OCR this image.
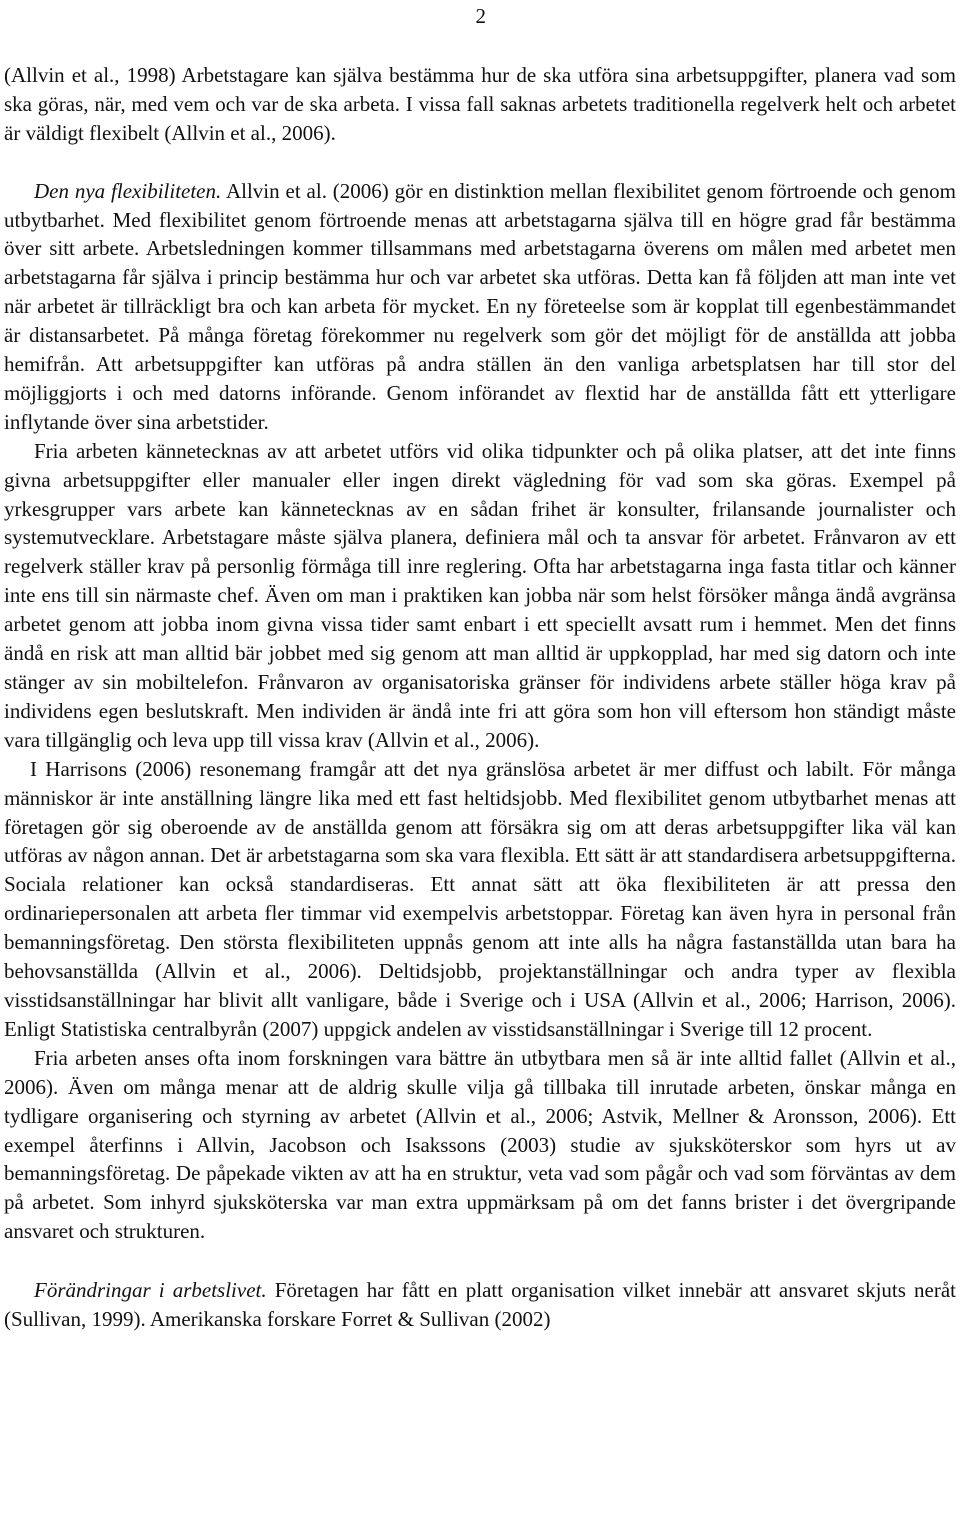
2

(Allvin et al., 1998) Arbetstagare kan själva bestämma hur de ska utföra sina arbetsuppgifter, planera vad som ska göras, när, med vem och var de ska arbeta. I vissa fall saknas arbetets traditionella regelverk helt och arbetet är väldigt flexibelt (Allvin et al., 2006).

Den nya flexibiliteten. Allvin et al. (2006) gör en distinktion mellan flexibilitet genom förtroende och genom utbytbarhet. Med flexibilitet genom förtroende menas att arbetstagarna själva till en högre grad får bestämma över sitt arbete. Arbetsledningen kommer tillsammans med arbetstagarna överens om målen med arbetet men arbetstagarna får själva i princip bestämma hur och var arbetet ska utföras. Detta kan få följden att man inte vet när arbetet är tillräckligt bra och kan arbeta för mycket. En ny företeelse som är kopplat till egenbestämmandet är distansarbetet. På många företag förekommer nu regelverk som gör det möjligt för de anställda att jobba hemifrån. Att arbetsuppgifter kan utföras på andra ställen än den vanliga arbetsplatsen har till stor del möjliggjorts i och med datorns införande. Genom införandet av flextid har de anställda fått ett ytterligare inflytande över sina arbetstider.

Fria arbeten kännetecknas av att arbetet utförs vid olika tidpunkter och på olika platser, att det inte finns givna arbetsuppgifter eller manualer eller ingen direkt vägledning för vad som ska göras. Exempel på yrkesgrupper vars arbete kan kännetecknas av en sådan frihet är konsulter, frilansande journalister och systemutvecklare. Arbetstagare måste själva planera, definiera mål och ta ansvar för arbetet. Frånvaron av ett regelverk ställer krav på personlig förmåga till inre reglering. Ofta har arbetstagarna inga fasta titlar och känner inte ens till sin närmaste chef. Även om man i praktiken kan jobba när som helst försöker många ändå avgränsa arbetet genom att jobba inom givna vissa tider samt enbart i ett speciellt avsatt rum i hemmet. Men det finns ändå en risk att man alltid bär jobbet med sig genom att man alltid är uppkopplad, har med sig datorn och inte stänger av sin mobiltelefon. Frånvaron av organisatoriska gränser för individens arbete ställer höga krav på individens egen beslutskraft. Men individen är ändå inte fri att göra som hon vill eftersom hon ständigt måste vara tillgänglig och leva upp till vissa krav (Allvin et al., 2006).

I Harrisons (2006) resonemang framgår att det nya gränslösa arbetet är mer diffust och labilt. För många människor är inte anställning längre lika med ett fast heltidsjobb. Med flexibilitet genom utbytbarhet menas att företagen gör sig oberoende av de anställda genom att försäkra sig om att deras arbetsuppgifter lika väl kan utföras av någon annan. Det är arbetstagarna som ska vara flexibla. Ett sätt är att standardisera arbetsuppgifterna. Sociala relationer kan också standardiseras. Ett annat sätt att öka flexibiliteten är att pressa den ordinariepersonalen att arbeta fler timmar vid exempelvis arbetstoppar. Företag kan även hyra in personal från bemanningsföretag. Den största flexibiliteten uppnås genom att inte alls ha några fastanställda utan bara ha behovsanställda (Allvin et al., 2006). Deltidsjobb, projektanställningar och andra typer av flexibla visstidsanställningar har blivit allt vanligare, både i Sverige och i USA (Allvin et al., 2006; Harrison, 2006). Enligt Statistiska centralbyrån (2007) uppgick andelen av visstidsanställningar i Sverige till 12 procent.

Fria arbeten anses ofta inom forskningen vara bättre än utbytbara men så är inte alltid fallet (Allvin et al., 2006). Även om många menar att de aldrig skulle vilja gå tillbaka till inrutade arbeten, önskar många en tydligare organisering och styrning av arbetet (Allvin et al., 2006; Astvik, Mellner & Aronsson, 2006). Ett exempel återfinns i Allvin, Jacobson och Isakssons (2003) studie av sjuksköterskor som hyrs ut av bemanningsföretag. De påpekade vikten av att ha en struktur, veta vad som pågår och vad som förväntas av dem på arbetet. Som inhyrd sjuksköterska var man extra uppmärksam på om det fanns brister i det övergripande ansvaret och strukturen.

Förändringar i arbetslivet. Företagen har fått en platt organisation vilket innebär att ansvaret skjuts neråt (Sullivan, 1999). Amerikanska forskare Forret & Sullivan (2002)
